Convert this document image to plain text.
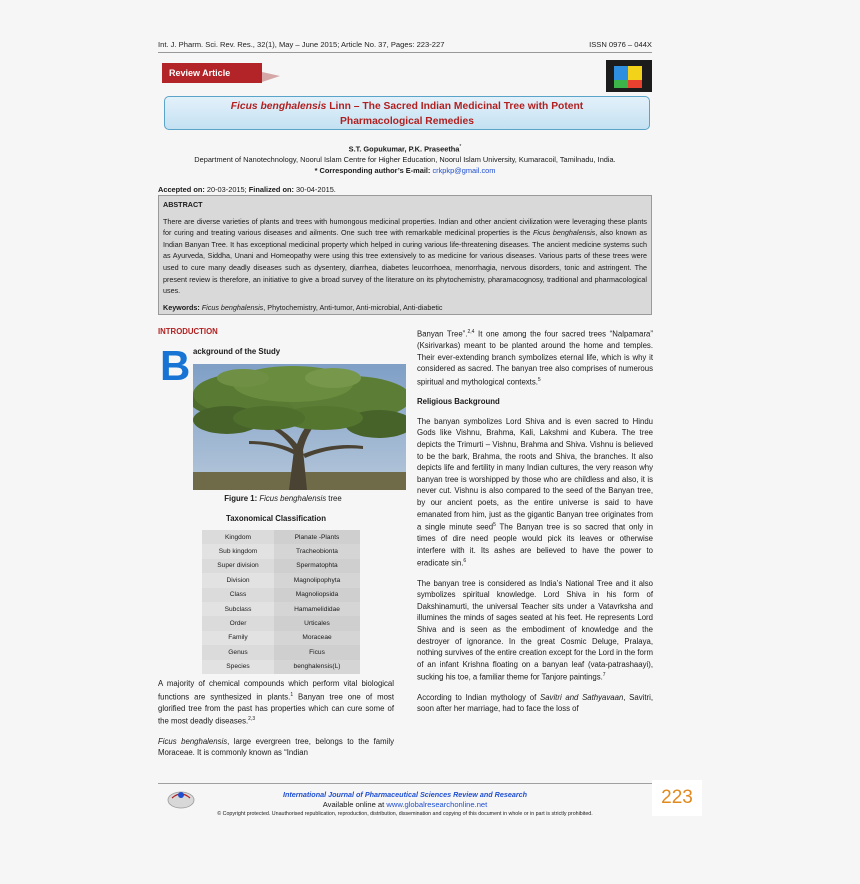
Int. J. Pharm. Sci. Rev. Res., 32(1), May – June 2015; Article No. 37, Pages: 223-227	ISSN 0976 – 044X
Review Article
Ficus benghalensis Linn – The Sacred Indian Medicinal Tree with Potent
Pharmacological Remedies
S.T. Gopukumar, P.K. Praseetha*
Department of Nanotechnology, Noorul Islam Centre for Higher Education, Noorul Islam University, Kumaracoil, Tamilnadu, India.
* Corresponding author’s E-mail: crkpkp@gmail.com
Accepted on: 20-03-2015; Finalized on: 30-04-2015.
ABSTRACT
There are diverse varieties of plants and trees with humongous medicinal properties. Indian and other ancient civilization were leveraging these plants for curing and treating various diseases and ailments. One such tree with remarkable medicinal properties is the Ficus benghalensis, also known as Indian Banyan Tree. It has exceptional medicinal property which helped in curing various life-threatening diseases. The ancient medicine systems such as Ayurveda, Siddha, Unani and Homeopathy were using this tree extensively to as medicine for various diseases. Various parts of these trees were used to cure many deadly diseases such as dysentery, diarrhea, diabetes leucorrhoea, menorrhagia, nervous disorders, tonic and astringent. The present review is therefore, an initiative to give a broad survey of the literature on its phytochemistry, pharamacognosy, traditional and pharmacological uses.
Keywords: Ficus benghalensis, Phytochemistry, Anti-tumor, Anti-microbial, Anti-diabetic
INTRODUCTION
B ackground of the Study
Figure 1: Ficus benghalensis tree
Taxonomical Classification
Kingdom	Planate -Plants
Sub kingdom	Tracheobionta
Super division	Spermatophta
Division	Magnolipophyta
Class	Magnoliopsida
Subclass	Hamamelididae
Order	Urticales
Family	Moraceae
Genus	Ficus
Species	benghalensis(L)
A majority of chemical compounds which perform vital biological functions are synthesized in plants.$^1$ Banyan tree one of most glorified tree from the past has properties which can cure some of the most deadly diseases.$^{2,3}$
Ficus benghalensis, large evergreen tree, belongs to the family Moraceae. It is commonly known as “Indian
Banyan Tree”.$^{2,4}$ It one among the four sacred trees “Nalpamara” (Ksirivarkas) meant to be planted around the home and temples. Their ever-extending branch symbolizes eternal life, which is why it considered as sacred. The banyan tree also comprises of numerous spiritual and mythological contexts.$^5$
Religious Background
The banyan symbolizes Lord Shiva and is even sacred to Hindu Gods like Vishnu, Brahma, Kali, Lakshmi and Kubera. The tree depicts the Trimurti – Vishnu, Brahma and Shiva. Vishnu is believed to be the bark, Brahma, the roots and Shiva, the branches. It also depicts life and fertility in many Indian cultures, the very reason why banyan tree is worshipped by those who are childless and also, it is never cut. Vishnu is also compared to the seed of the Banyan tree, by our ancient poets, as the entire universe is said to have emanated from him, just as the gigantic Banyan tree originates from a single minute seed$^5$ The Banyan tree is so sacred that only in times of dire need people would pick its leaves or otherwise interfere with it. Its ashes are believed to have the power to eradicate sin.$^6$
The banyan tree is considered as India’s National Tree and it also symbolizes spiritual knowledge. Lord Shiva in his form of Dakshinamurti, the universal Teacher sits under a Vatavrksha and illumines the minds of sages seated at his feet. He represents Lord Shiva and is seen as the embodiment of knowledge and the destroyer of ignorance. In the great Cosmic Deluge, Pralaya, nothing survives of the entire creation except for the Lord in the form of an infant Krishna floating on a banyan leaf (vata-patrashaayi), sucking his toe, a familiar theme for Tanjore paintings.$^7$
According to Indian mythology of Savitri and Sathyavaan, Savitri, soon after her marriage, had to face the loss of
International Journal of Pharmaceutical Sciences Review and Research
Available online at www.globalresearchonline.net
© Copyright protected. Unauthorised republication, reproduction, distribution, dissemination and copying of this document in whole or in part is strictly prohibited.
223
